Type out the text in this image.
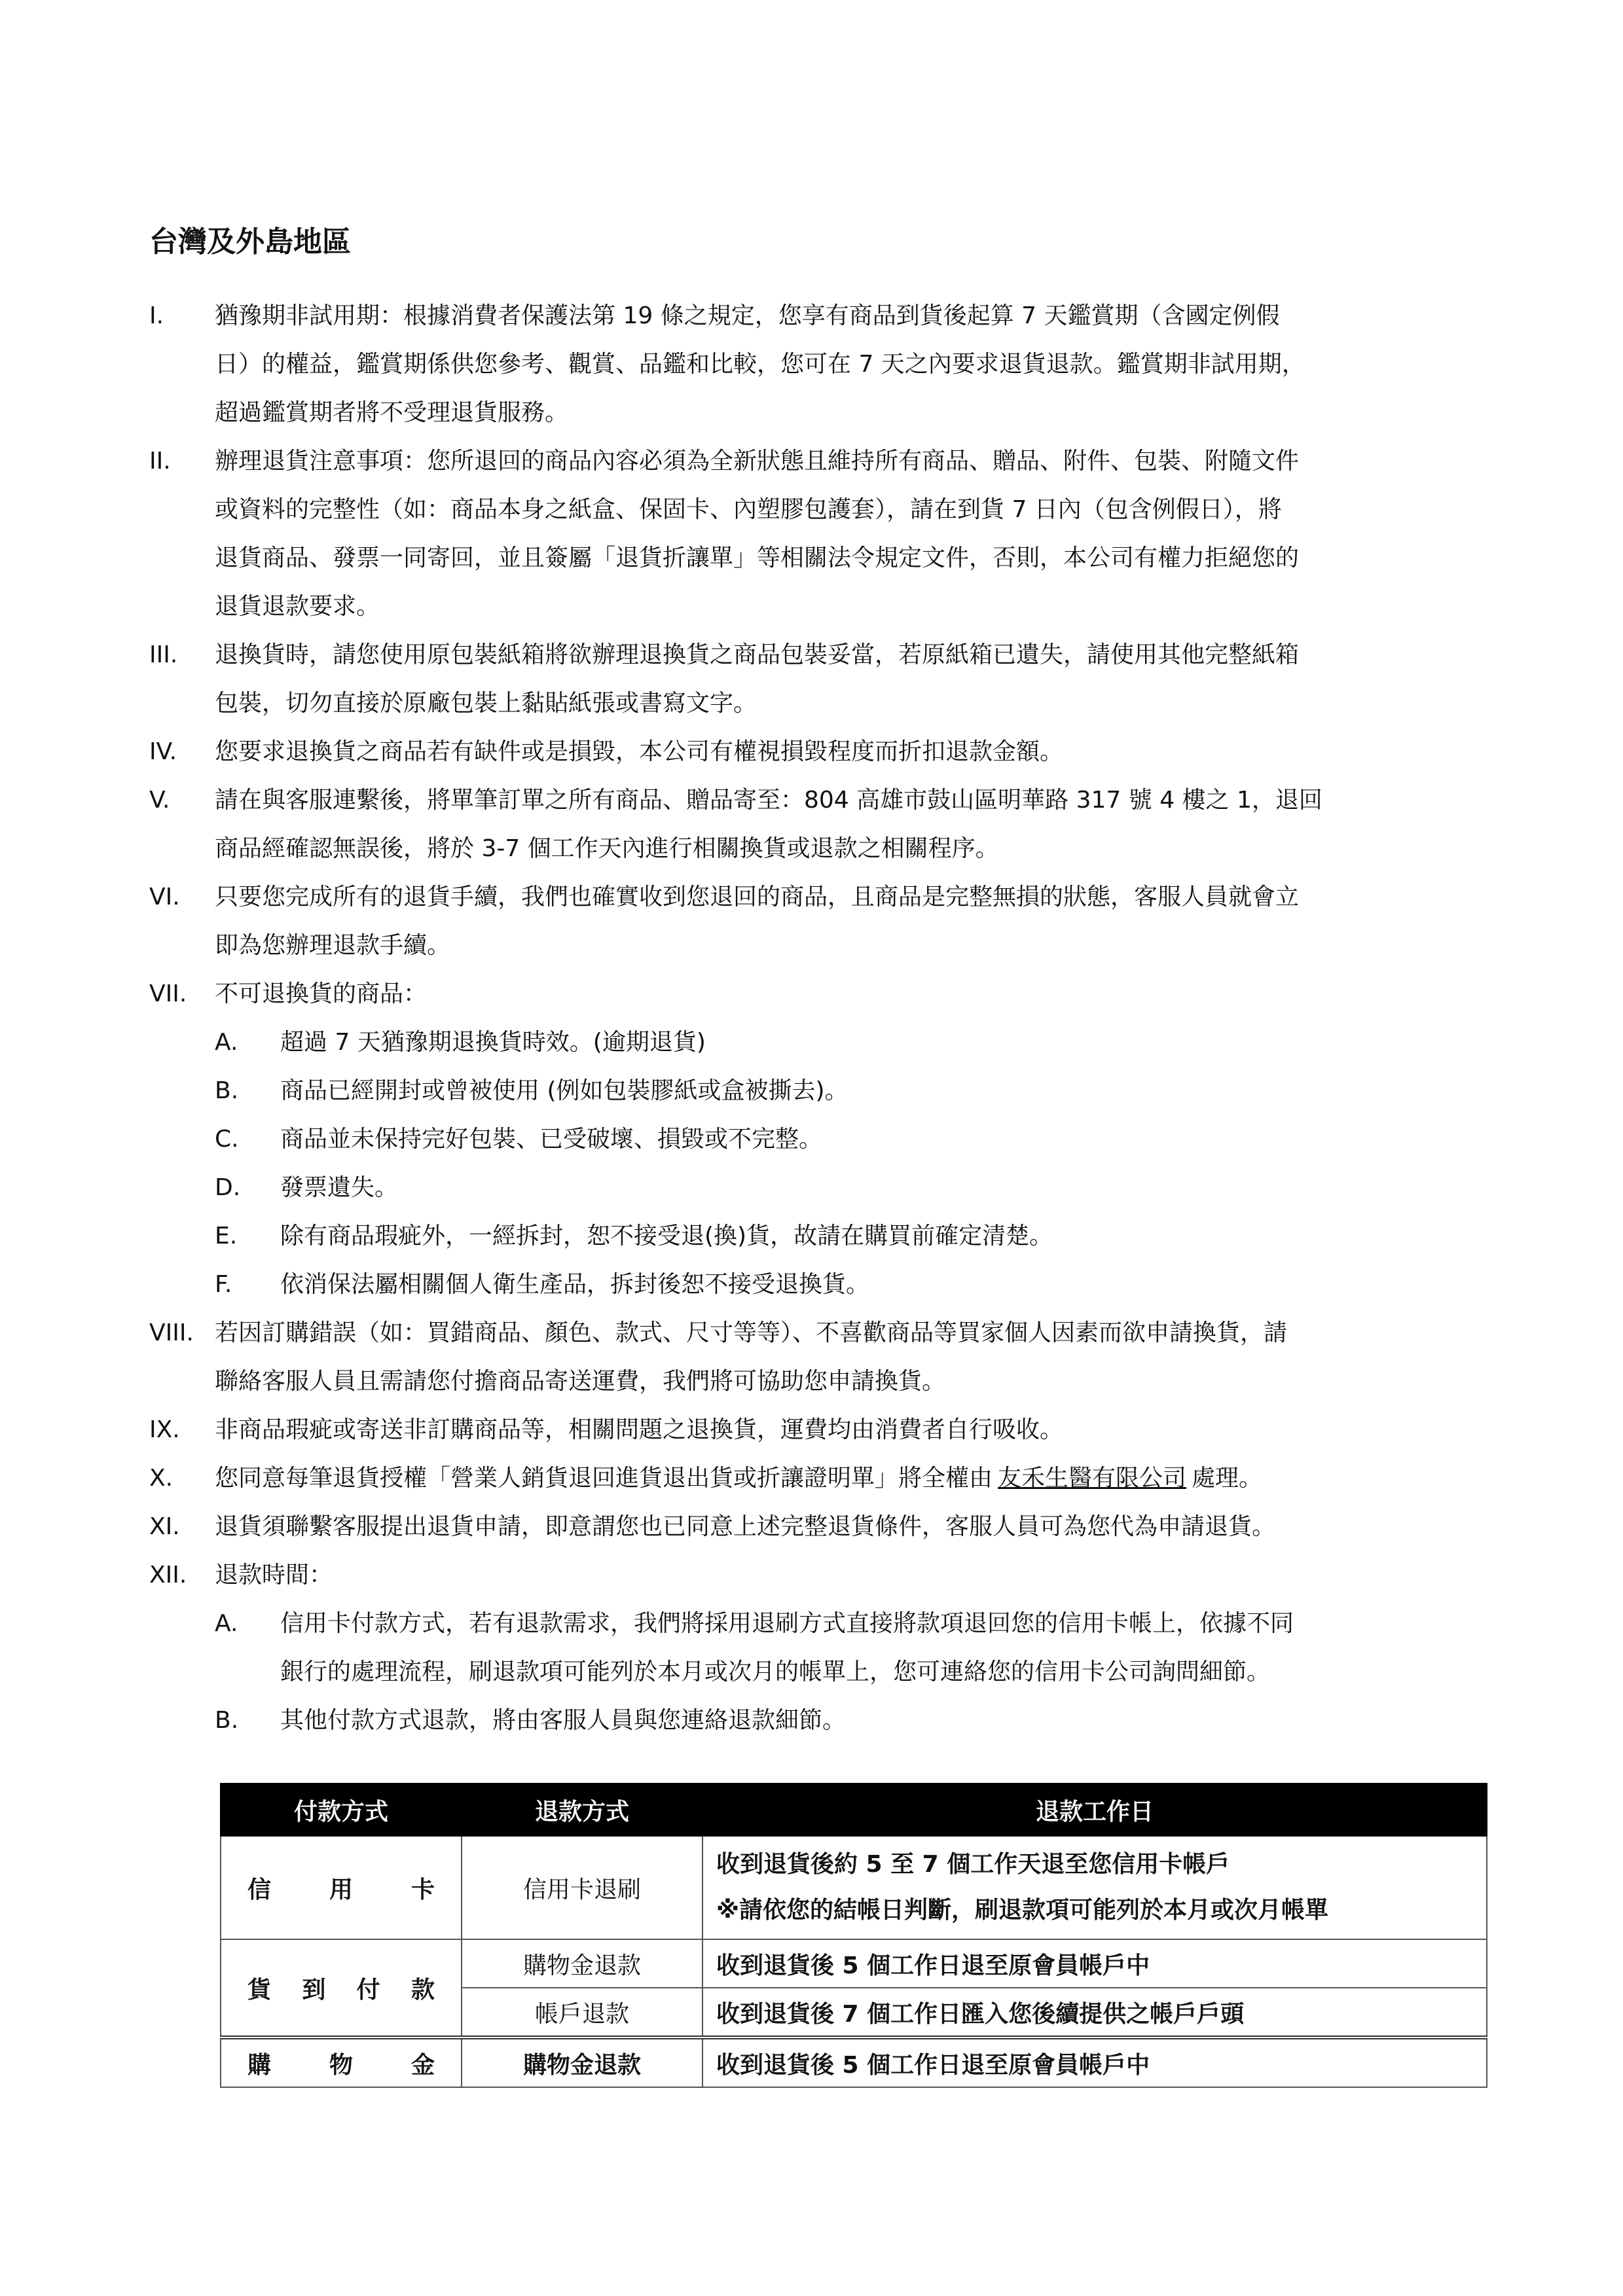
台灣及外島地區
I. 猶豫期非試用期：根據消費者保護法第 19 條之規定，您享有商品到貨後起算 7 天鑑賞期（含國定例假
日）的權益，鑑賞期係供您參考、觀賞、品鑑和比較，您可在 7 天之內要求退貨退款。鑑賞期非試用期，
超過鑑賞期者將不受理退貨服務。
II. 辦理退貨注意事項：您所退回的商品內容必須為全新狀態且維持所有商品、贈品、附件、包裝、附隨文件
或資料的完整性（如：商品本身之紙盒、保固卡、內塑膠包護套），請在到貨 7 日內（包含例假日），將
退貨商品、發票一同寄回，並且簽屬「退貨折讓單」等相關法令規定文件，否則，本公司有權力拒絕您的
退貨退款要求。
III. 退換貨時，請您使用原包裝紙箱將欲辦理退換貨之商品包裝妥當，若原紙箱已遺失，請使用其他完整紙箱
包裝，切勿直接於原廠包裝上黏貼紙張或書寫文字。
IV. 您要求退換貨之商品若有缺件或是損毀，本公司有權視損毀程度而折扣退款金額。
V. 請在與客服連繫後，將單筆訂單之所有商品、贈品寄至：804 高雄市鼓山區明華路 317 號 4 樓之 1，退回
商品經確認無誤後，將於 3-7 個工作天內進行相關換貨或退款之相關程序。
VI. 只要您完成所有的退貨手續，我們也確實收到您退回的商品，且商品是完整無損的狀態，客服人員就會立
即為您辦理退款手續。
VII. 不可退換貨的商品：
A. 超過 7 天猶豫期退換貨時效。(逾期退貨)
B. 商品已經開封或曾被使用 (例如包裝膠紙或盒被撕去)。
C. 商品並未保持完好包裝、已受破壞、損毀或不完整。
D. 發票遺失。
E. 除有商品瑕疵外，一經拆封，恕不接受退(換)貨，故請在購買前確定清楚。
F. 依消保法屬相關個人衛生產品，拆封後恕不接受退換貨。
VIII. 若因訂購錯誤（如：買錯商品、顏色、款式、尺寸等等）、不喜歡商品等買家個人因素而欲申請換貨，請
聯絡客服人員且需請您付擔商品寄送運費，我們將可協助您申請換貨。
IX. 非商品瑕疵或寄送非訂購商品等，相關問題之退換貨，運費均由消費者自行吸收。
X. 您同意每筆退貨授權「營業人銷貨退回進貨退出貨或折讓證明單」將全權由 友禾生醫有限公司 處理。
XI. 退貨須聯繫客服提出退貨申請，即意謂您也已同意上述完整退貨條件，客服人員可為您代為申請退貨。
XII. 退款時間：
A. 信用卡付款方式，若有退款需求，我們將採用退刷方式直接將款項退回您的信用卡帳上，依據不同
銀行的處理流程，刷退款項可能列於本月或次月的帳單上，您可連絡您的信用卡公司詢問細節。
B. 其他付款方式退款，將由客服人員與您連絡退款細節。
付款方式	退款方式	退款工作日
信　用　卡	信用卡退刷	收到退貨後約 5 至 7 個工作天退至您信用卡帳戶
※請依您的結帳日判斷，刷退款項可能列於本月或次月帳單

貨　到　付　款	購物金退款	收到退貨後 5 個工作日退至原會員帳戶中
	帳戶退款	收到退貨後 7 個工作日匯入您後續提供之帳戶戶頭
購　物　金	購物金退款	收到退貨後 5 個工作日退至原會員帳戶中
